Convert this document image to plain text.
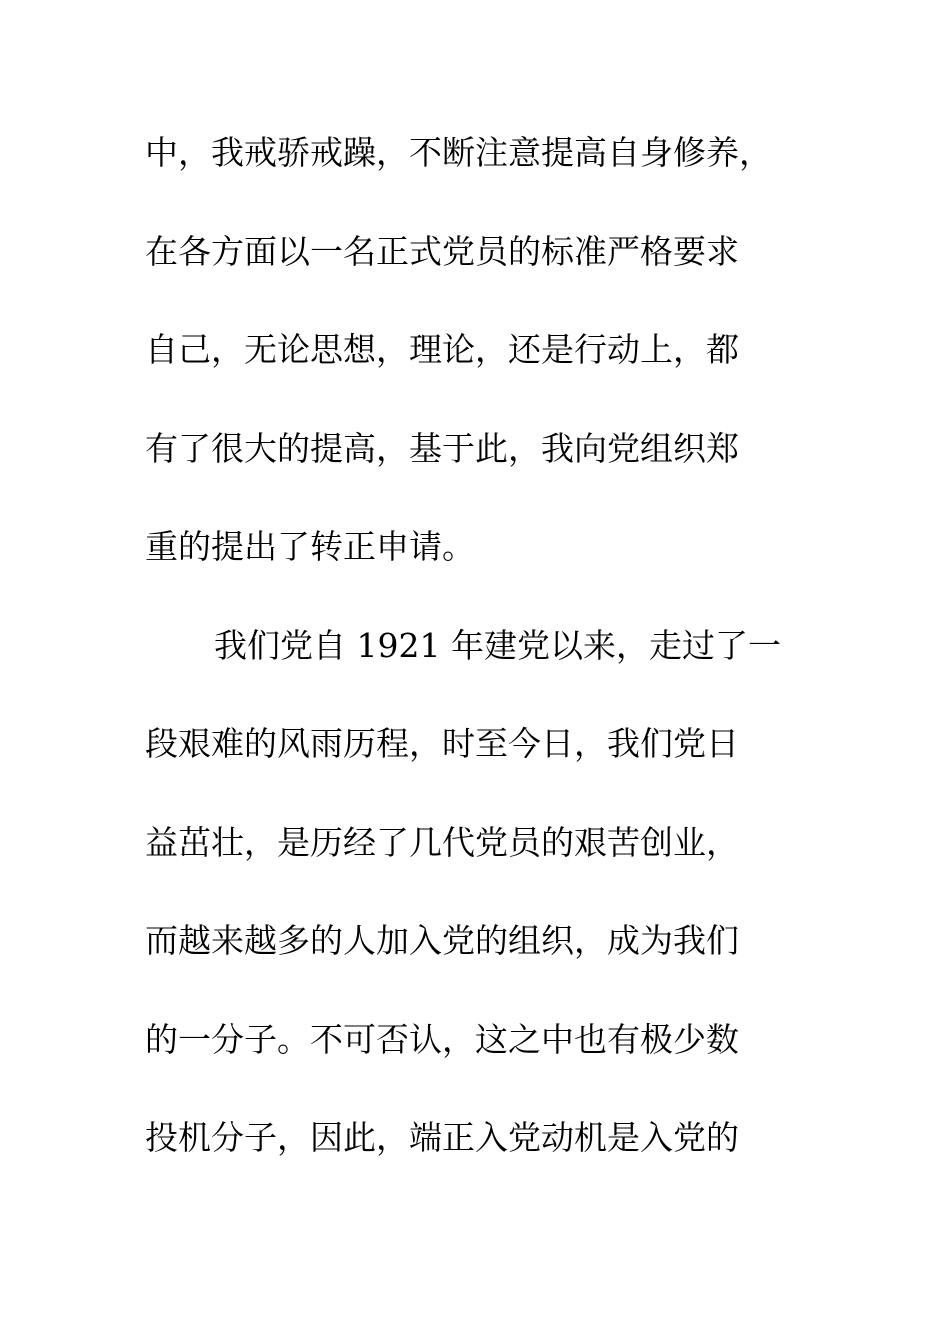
中，我戒骄戒躁，不断注意提高自身修养，
在各方面以一名正式党员的标准严格要求
自己，无论思想，理论，还是行动上，都
有了很大的提高，基于此，我向党组织郑
重的提出了转正申请。
我们党自 1921 年建党以来，走过了一
段艰难的风雨历程，时至今日，我们党日
益茁壮，是历经了几代党员的艰苦创业，
而越来越多的人加入党的组织，成为我们
的一分子。不可否认，这之中也有极少数
投机分子，因此，端正入党动机是入党的
